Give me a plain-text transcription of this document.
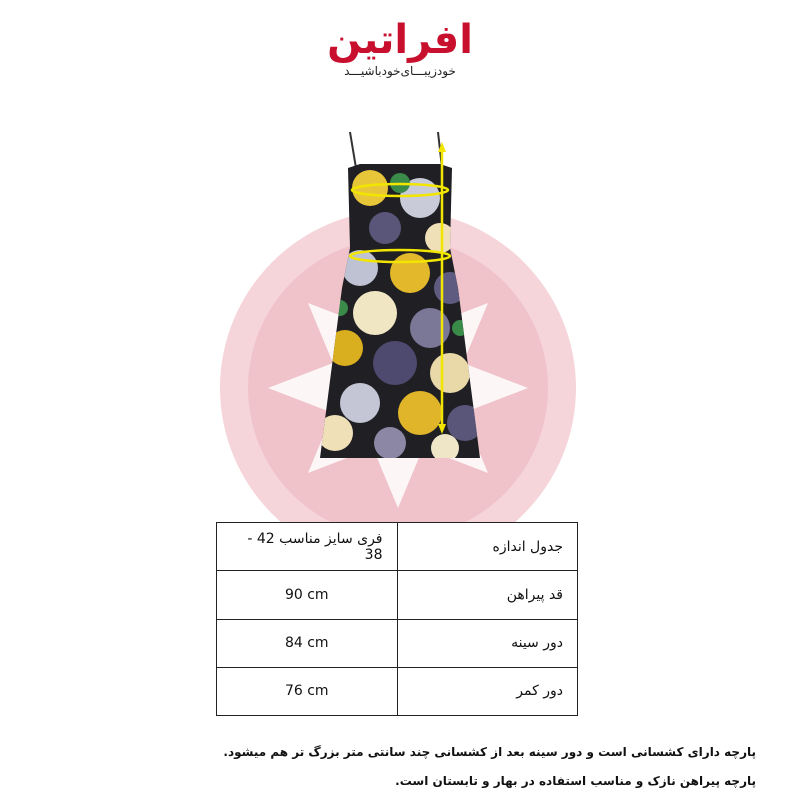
افراتین
خودزیبـــای‌خودباشیـــد
جدول اندازه	فری سایز مناسب 42 - 38
قد پیراهن	90 cm
دور سینه	84 cm
دور کمر	76 cm
پارچه دارای کشسانی است و دور سینه بعد از کشسانی چند سانتی متر بزرگ تر هم میشود.
پارچه پیراهن نازک و مناسب استفاده در بهار و تابستان است.
